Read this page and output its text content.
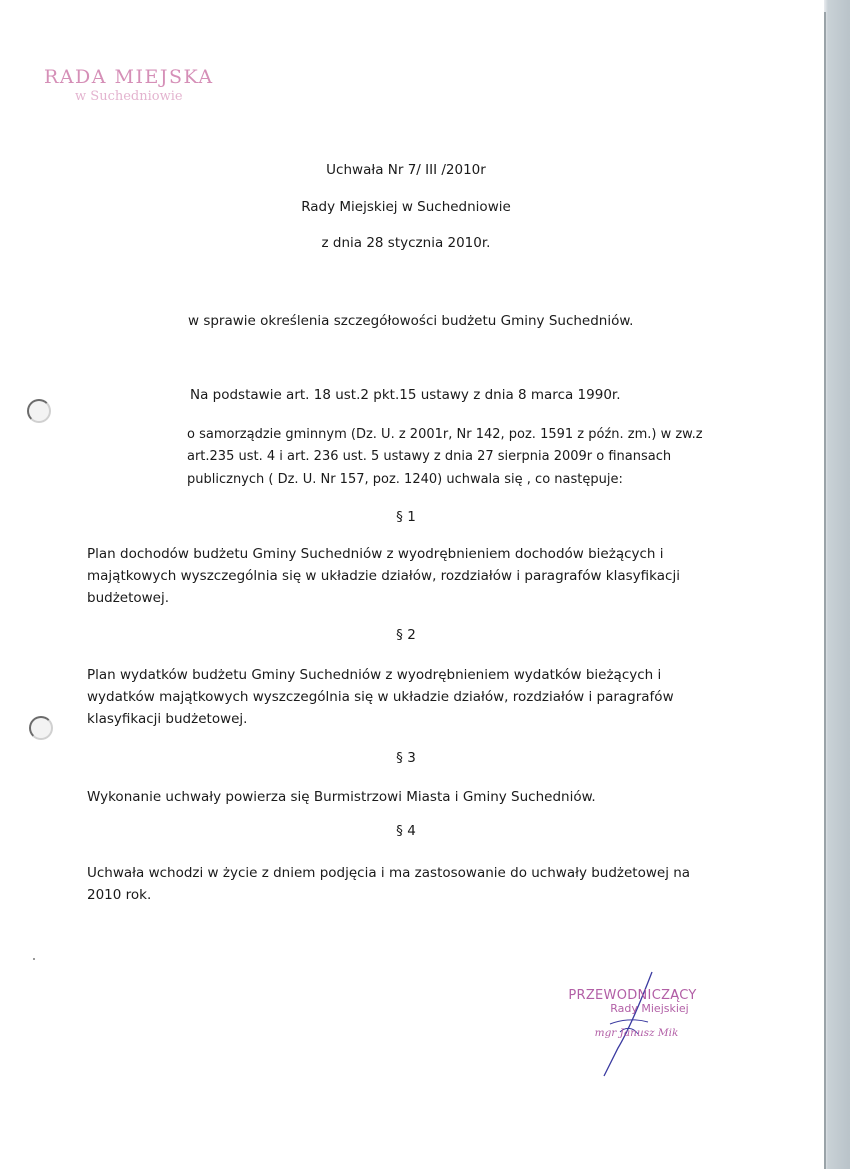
RADA MIEJSKA
w Suchedniowie
Uchwała Nr 7/ III /2010r
Rady Miejskiej w Suchedniowie
z dnia 28 stycznia 2010r.
w sprawie określenia szczegółowości budżetu Gminy Suchedniów.
Na podstawie art. 18 ust.2 pkt.15 ustawy z dnia 8 marca 1990r.
o samorządzie gminnym (Dz. U. z 2001r, Nr 142, poz. 1591 z późn. zm.) w zw.z
art.235 ust. 4 i art. 236 ust. 5 ustawy z dnia 27 sierpnia 2009r o finansach
publicznych ( Dz. U. Nr 157, poz. 1240) uchwala się , co następuje:
§ 1
Plan dochodów budżetu Gminy Suchedniów z wyodrębnieniem dochodów bieżących i
majątkowych wyszczególnia się w układzie działów, rozdziałów i paragrafów klasyfikacji
budżetowej.
§ 2
Plan wydatków budżetu Gminy Suchedniów z wyodrębnieniem wydatków bieżących i
wydatków majątkowych wyszczególnia się w układzie działów, rozdziałów i paragrafów
klasyfikacji budżetowej.
§ 3
Wykonanie uchwały powierza się Burmistrzowi Miasta i Gminy Suchedniów.
§ 4
Uchwała wchodzi w życie z dniem podjęcia i ma zastosowanie do uchwały budżetowej na
2010 rok.
PRZEWODNICZĄCY
Rady Miejskiej
mgr Janusz Mik
